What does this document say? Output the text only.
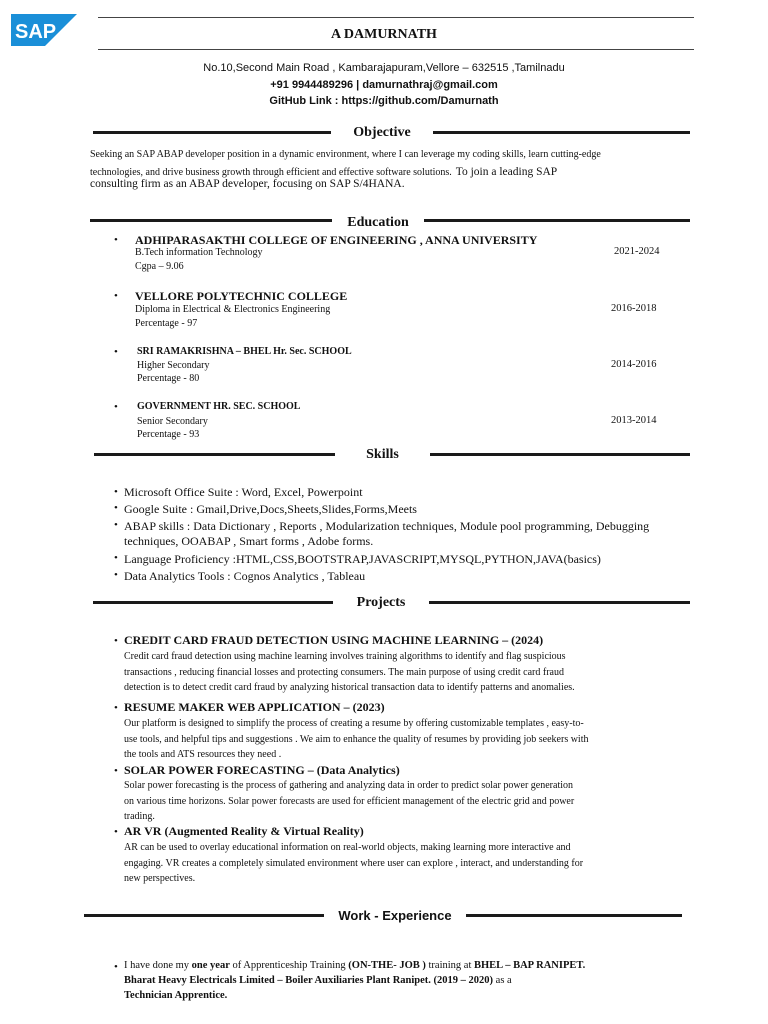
SAP	A DAMURNATH
No.10,Second Main Road , Kambarajapuram,Vellore – 632515 ,Tamilnadu
+91 9944489296 | damurnathraj@gmail.com
GitHub Link : https://github.com/Damurnath
Objective
Seeking an SAP ABAP developer position in a dynamic environment, where I can leverage my coding skills, learn cutting-edge
technologies, and drive business growth through efficient and effective software solutions. To join a leading SAP
consulting firm as an ABAP developer, focusing on SAP S/4HANA.
Education
• ADHIPARASAKTHI COLLEGE OF ENGINEERING , ANNA UNIVERSITY
B.Tech information Technology
Cgpa – 9.06
2021-2024
• VELLORE POLYTECHNIC COLLEGE
Diploma in Electrical & Electronics Engineering
Percentage - 97
2016-2018
• SRI RAMAKRISHNA – BHEL Hr. Sec. SCHOOL
Higher Secondary
Percentage - 80
2014-2016
• GOVERNMENT HR. SEC. SCHOOL
Senior Secondary
Percentage - 93
2013-2014
Skills
• Microsoft Office Suite : Word, Excel, Powerpoint
• Google Suite : Gmail,Drive,Docs,Sheets,Slides,Forms,Meets
• ABAP skills : Data Dictionary , Reports , Modularization techniques, Module pool programming, Debugging
techniques, OOABAP , Smart forms , Adobe forms.
• Language Proficiency :HTML,CSS,BOOTSTRAP,JAVASCRIPT,MYSQL,PYTHON,JAVA(basics)
• Data Analytics Tools : Cognos Analytics , Tableau
Projects
• CREDIT CARD FRAUD DETECTION USING MACHINE LEARNING – (2024)
Credit card fraud detection using machine learning involves training algorithms to identify and flag suspicious
transactions , reducing financial losses and protecting consumers. The main purpose of using credit card fraud
detection is to detect credit card fraud by analyzing historical transaction data to identify patterns and anomalies.
• RESUME MAKER WEB APPLICATION – (2023)
Our platform is designed to simplify the process of creating a resume by offering customizable templates , easy-to-
use tools, and helpful tips and suggestions . We aim to enhance the quality of resumes by providing job seekers with
the tools and ATS resources they need .
• SOLAR POWER FORECASTING – (Data Analytics)
Solar power forecasting is the process of gathering and analyzing data in order to predict solar power generation
on various time horizons. Solar power forecasts are used for efficient management of the electric grid and power
trading.
• AR VR (Augmented Reality & Virtual Reality)
AR can be used to overlay educational information on real-world objects, making learning more interactive and
engaging. VR creates a completely simulated environment where user can explore , interact, and understanding for
new perspectives.
Work - Experience
• I have done my one year of Apprenticeship Training (ON-THE- JOB ) training at BHEL – BAP RANIPET.
Bharat Heavy Electricals Limited – Boiler Auxiliaries Plant Ranipet. (2019 – 2020) as a
Technician Apprentice.
